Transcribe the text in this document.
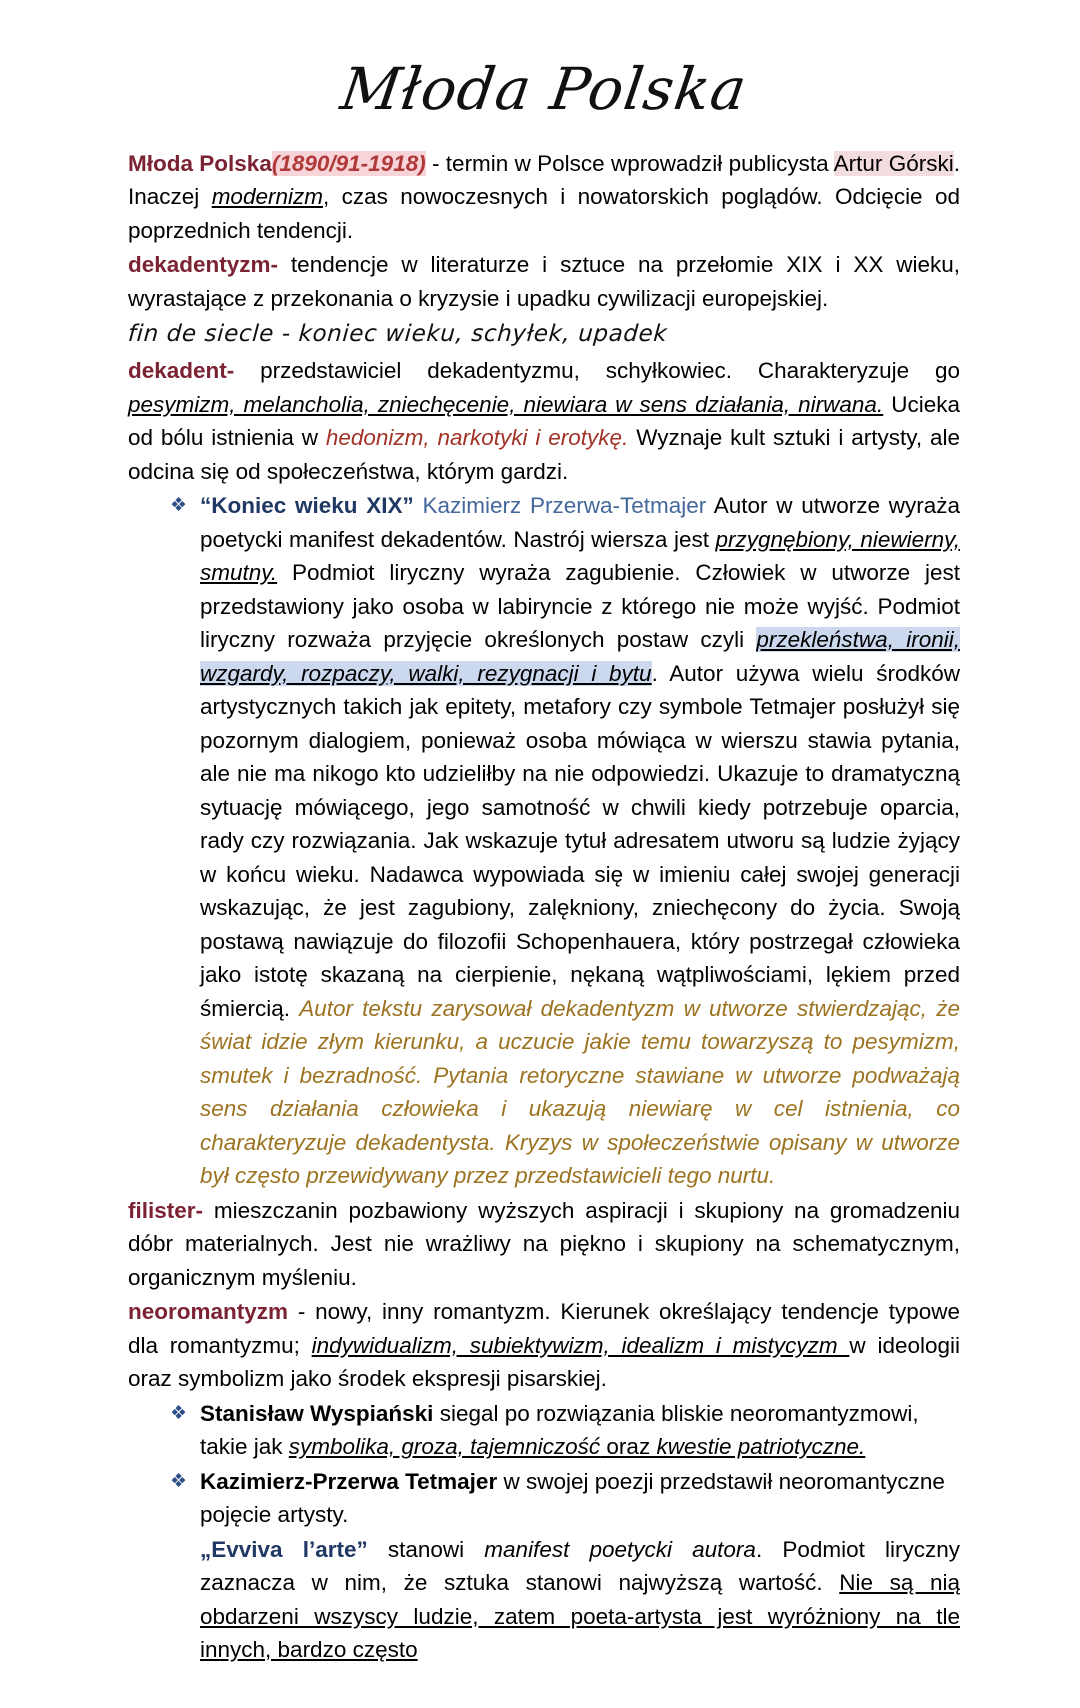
Młoda Polska

Młoda Polska(1890/91-1918) - termin w Polsce wprowadził publicysta Artur Górski. Inaczej modernizm, czas nowoczesnych i nowatorskich poglądów. Odcięcie od poprzednich tendencji.

dekadentyzm- tendencje w literaturze i sztuce na przełomie XIX i XX wieku, wyrastające z przekonania o kryzysie i upadku cywilizacji europejskiej.

fin de siecle - koniec wieku, schyłek, upadek

dekadent- przedstawiciel dekadentyzmu, schyłkowiec. Charakteryzuje go pesymizm, melancholia, zniechęcenie, niewiara w sens działania, nirwana. Ucieka od bólu istnienia w hedonizm, narkotyki i erotykę. Wyznaje kult sztuki i artysty, ale odcina się od społeczeństwa, którym gardzi.

❖ “Koniec wieku XIX” Kazimierz Przerwa-Tetmajer Autor w utworze wyraża poetycki manifest dekadentów. Nastrój wiersza jest przygnębiony, niewierny, smutny. Podmiot liryczny wyraża zagubienie. Człowiek w utworze jest przedstawiony jako osoba w labiryncie z którego nie może wyjść. Podmiot liryczny rozważa przyjęcie określonych postaw czyli przekleństwa, ironii, wzgardy, rozpaczy, walki, rezygnacji i bytu. Autor używa wielu środków artystycznych takich jak epitety, metafory czy symbole Tetmajer posłużył się pozornym dialogiem, ponieważ osoba mówiąca w wierszu stawia pytania, ale nie ma nikogo kto udzieliłby na nie odpowiedzi. Ukazuje to dramatyczną sytuację mówiącego, jego samotność w chwili kiedy potrzebuje oparcia, rady czy rozwiązania. Jak wskazuje tytuł adresatem utworu są ludzie żyjący w końcu wieku. Nadawca wypowiada się w imieniu całej swojej generacji wskazując, że jest zagubiony, zalękniony, zniechęcony do życia. Swoją postawą nawiązuje do filozofii Schopenhauera, który postrzegał człowieka jako istotę skazaną na cierpienie, nękaną wątpliwościami, lękiem przed śmiercią. Autor tekstu zarysował dekadentyzm w utworze stwierdzając, że świat idzie złym kierunku, a uczucie jakie temu towarzyszą to pesymizm, smutek i bezradność. Pytania retoryczne stawiane w utworze podważają sens działania człowieka i ukazują niewiarę w cel istnienia, co charakteryzuje dekadentysta. Kryzys w społeczeństwie opisany w utworze był często przewidywany przez przedstawicieli tego nurtu.

filister- mieszczanin pozbawiony wyższych aspiracji i skupiony na gromadzeniu dóbr materialnych. Jest nie wrażliwy na piękno i skupiony na schematycznym, organicznym myśleniu.

neoromantyzm - nowy, inny romantyzm. Kierunek określający tendencje typowe dla romantyzmu; indywidualizm, subiektywizm, idealizm i mistycyzm w ideologii oraz symbolizm jako środek ekspresji pisarskiej.

❖ Stanisław Wyspiański siegal po rozwiązania bliskie neoromantyzmowi, takie jak symbolika, groza, tajemniczość oraz kwestie patriotyczne.
❖ Kazimierz-Przerwa Tetmajer w swojej poezji przedstawił neoromantyczne pojęcie artysty.
„Evviva l’arte” stanowi manifest poetycki autora. Podmiot liryczny zaznacza w nim, że sztuka stanowi najwyższą wartość. Nie są nią obdarzeni wszyscy ludzie, zatem poeta-artysta jest wyróżniony na tle innych, bardzo często
